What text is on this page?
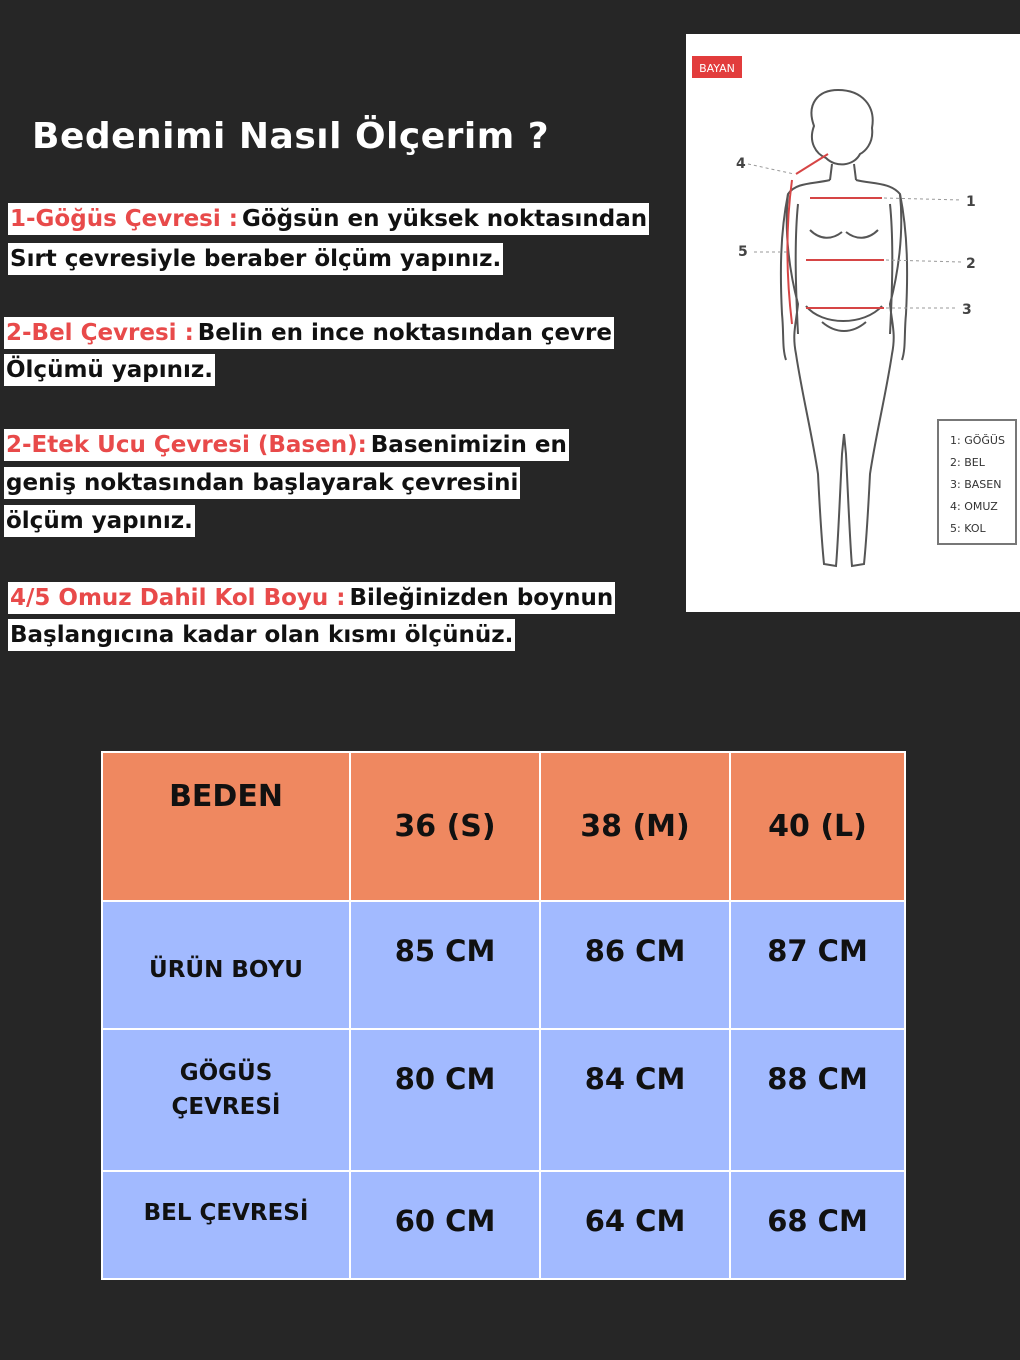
Bedenimi Nasıl Ölçerim ?
1-Göğüs Çevresi : Göğsün en yüksek noktasından
Sırt çevresiyle beraber ölçüm yapınız.
2-Bel Çevresi : Belin en ince noktasından çevre
Ölçümü yapınız.
2-Etek Ucu Çevresi (Basen): Basenimizin en
geniş noktasından başlayarak çevresini
ölçüm yapınız.
4/5 Omuz Dahil Kol Boyu : Bileğinizden boynun
Başlangıcına kadar olan kısmı ölçünüz.
BAYAN
1
2
3
4
5
1: GÖĞÜS
2: BEL
3: BASEN
4: OMUZ
5: KOL
BEDEN	36 (S)	38 (M)	40 (L)
ÜRÜN BOYU	85 CM	86 CM	87 CM
GÖGÜS
ÇEVRESİ	80 CM	84 CM	88 CM
BEL ÇEVRESİ	60 CM	64 CM	68 CM
